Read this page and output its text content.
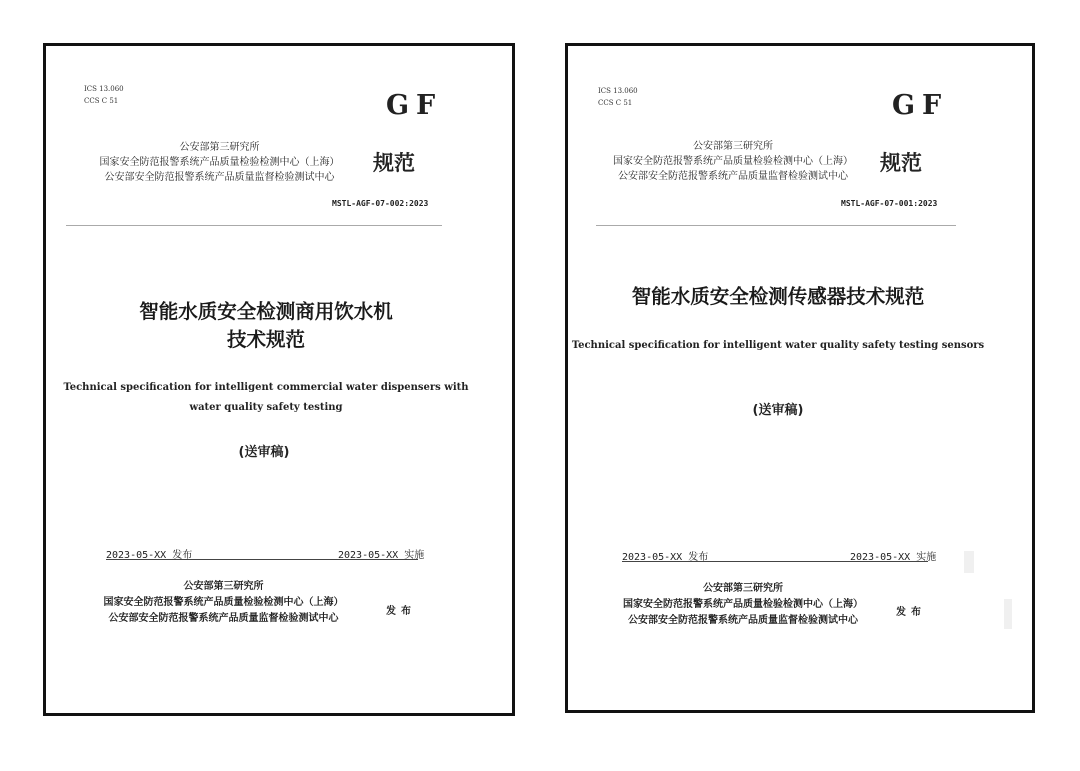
ICS 13.060
CCS C 51	GF
公安部第三研究所
国家安全防范报警系统产品质量检验检测中心（上海）
公安部安全防范报警系统产品质量监督检验测试中心
规范
MSTL-AGF-07-002:2023
智能水质安全检测商用饮水机
技术规范
Technical specification for intelligent commercial water dispensers with
water quality safety testing
(送审稿)
2023-05-XX 发布	2023-05-XX 实施
公安部第三研究所
国家安全防范报警系统产品质量检验检测中心（上海）
公安部安全防范报警系统产品质量监督检验测试中心
发布
ICS 13.060
CCS C 51	GF
公安部第三研究所
国家安全防范报警系统产品质量检验检测中心（上海）
公安部安全防范报警系统产品质量监督检验测试中心
规范
MSTL-AGF-07-001:2023
智能水质安全检测传感器技术规范
Technical specification for intelligent water quality safety testing sensors
(送审稿)
2023-05-XX 发布	2023-05-XX 实施
公安部第三研究所
国家安全防范报警系统产品质量检验检测中心（上海）
公安部安全防范报警系统产品质量监督检验测试中心
发布
